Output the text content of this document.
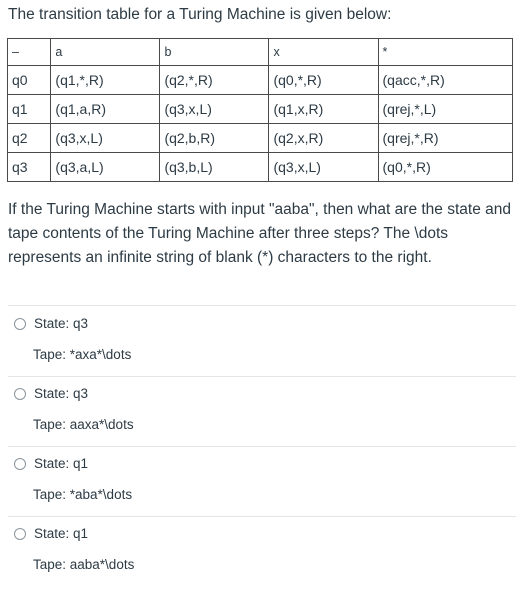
The transition table for a Turing Machine is given below:
–	a	b	x	*
q0	(q1,*,R)	(q2,*,R)	(q0,*,R)	(qacc,*,R)
q1	(q1,a,R)	(q3,x,L)	(q1,x,R)	(qrej,*,L)
q2	(q3,x,L)	(q2,b,R)	(q2,x,R)	(qrej,*,R)
q3	(q3,a,L)	(q3,b,L)	(q3,x,L)	(q0,*,R)
If the Turing Machine starts with input "aaba", then what are the state and tape contents of the Turing Machine after three steps? The \dots represents an infinite string of blank (*) characters to the right.
State: q3
Tape: *axa*\dots
State: q3
Tape: aaxa*\dots
State: q1
Tape: *aba*\dots
State: q1
Tape: aaba*\dots
